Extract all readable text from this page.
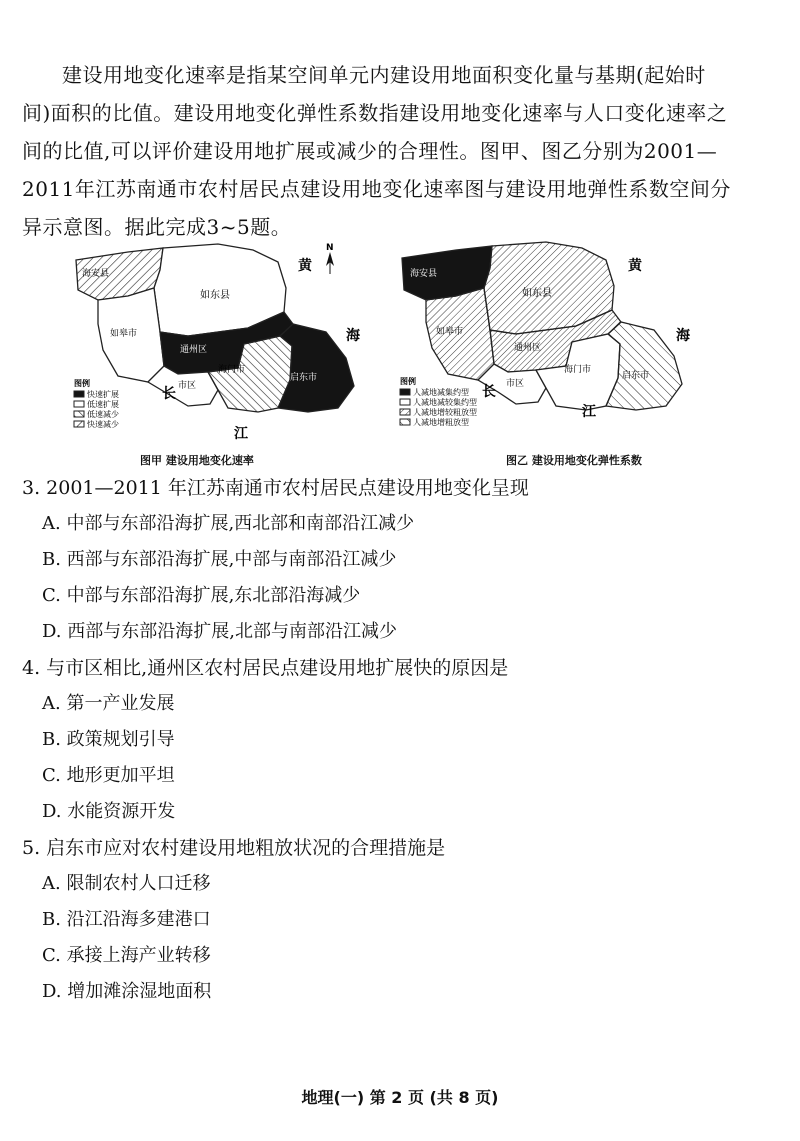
建设用地变化速率是指某空间单元内建设用地面积变化量与基期(起始时

间)面积的比值。建设用地变化弹性系数指建设用地变化速率与人口变化速率之

间的比值,可以评价建设用地扩展或减少的合理性。图甲、图乙分别为2001—

2011年江苏南通市农村居民点建设用地变化速率图与建设用地弹性系数空间分

异示意图。据此完成3~5题。

海安县
如东县
如皋市
通州区
海门市
启东市
市区
N
黄
海
长
江
图例
快速扩展
低速扩展
低速减少
快速减少
图甲 建设用地变化速率
海安县
如东县
如皋市
通州区
海门市
启东市
市区
黄
海
长
江
图例
人减地减集约型
人减地减较集约型
人减地增较粗放型
人减地增粗放型
图乙 建设用地变化弹性系数
3. 2001—2011 年江苏南通市农村居民点建设用地变化呈现
A. 中部与东部沿海扩展,西北部和南部沿江减少
B. 西部与东部沿海扩展,中部与南部沿江减少
C. 中部与东部沿海扩展,东北部沿海减少
D. 西部与东部沿海扩展,北部与南部沿江减少
4. 与市区相比,通州区农村居民点建设用地扩展快的原因是
A. 第一产业发展
B. 政策规划引导
C. 地形更加平坦
D. 水能资源开发
5. 启东市应对农村建设用地粗放状况的合理措施是
A. 限制农村人口迁移
B. 沿江沿海多建港口
C. 承接上海产业转移
D. 增加滩涂湿地面积
地理(一) 第 2 页 (共 8 页)
